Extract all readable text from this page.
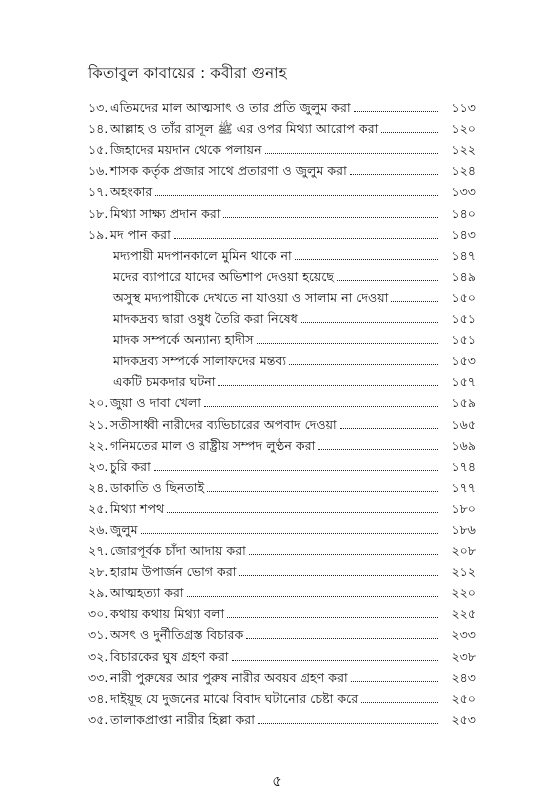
কিতাবুল কাবায়ের : কবীরা গুনাহ
১৩. এতিমদের মাল আত্মসাৎ ও তার প্রতি জুলুম করা	১১৩
১৪. আল্লাহ ও তাঁর রাসূল ﷺ এর ওপর মিথ্যা আরোপ করা	১২০
১৫. জিহাদের ময়দান থেকে পলায়ন	১২২
১৬. শাসক কর্তৃক প্রজার সাথে প্রতারণা ও জুলুম করা	১২৪
১৭. অহংকার	১৩৩
১৮. মিথ্যা সাক্ষ্য প্রদান করা	১৪০
১৯. মদ পান করা	১৪৩
মদ্যপায়ী মদপানকালে মুমিন থাকে না	১৪৭
মদের ব্যাপারে যাদের অভিশাপ দেওয়া হয়েছে	১৪৯
অসুস্থ মদ্যপায়ীকে দেখতে না যাওয়া ও সালাম না দেওয়া	১৫০
মাদকদ্রব্য দ্বারা ওষুধ তৈরি করা নিষেধ	১৫১
মাদক সম্পর্কে অন্যান্য হাদীস	১৫১
মাদকদ্রব্য সম্পর্কে সালাফদের মন্তব্য	১৫৩
একটি চমকদার ঘটনা	১৫৭
২০. জুয়া ও দাবা খেলা	১৫৯
২১. সতীসাধ্বী নারীদের ব্যভিচারের অপবাদ দেওয়া	১৬৫
২২. গনিমতের মাল ও রাষ্ট্রীয় সম্পদ লুণ্ঠন করা	১৬৯
২৩. চুরি করা	১৭৪
২৪. ডাকাতি ও ছিনতাই	১৭৭
২৫. মিথ্যা শপথ	১৮০
২৬. জুলুম	১৮৬
২৭. জোরপূর্বক চাঁদা আদায় করা	২০৮
২৮. হারাম উপার্জন ভোগ করা	২১২
২৯. আত্মহত্যা করা	২২০
৩০. কথায় কথায় মিথ্যা বলা	২২৫
৩১. অসৎ ও দুর্নীতিগ্রস্ত বিচারক	২৩৩
৩২. বিচারকের ঘুষ গ্রহণ করা	২৩৮
৩৩. নারী পুরুষের আর পুরুষ নারীর অবয়ব গ্রহণ করা	২৪৩
৩৪. দাইয়ূছ যে দুজনের মাঝে বিবাদ ঘটানোর চেষ্টা করে	২৫০
৩৫. তালাকপ্রাপ্তা নারীর হিল্লা করা	২৫৩
৫
